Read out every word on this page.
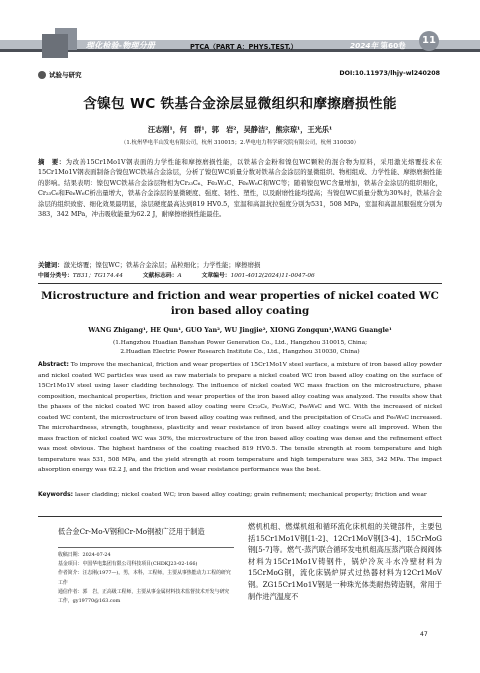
理化检验-物理分册	PTCA（PART A：PHYS.TEST.）	2024年 第60卷	11
试验与研究	DOI:10.11973/lhjy-wl240208
含镍包 WC 铁基合金涂层显微组织和摩擦磨损性能
汪志刚¹，何　群¹，郭　岩²，吴静洁²，熊宗琼¹，王光乐¹
（1.杭州华电半山发电有限公司，杭州 310015；2.华电电力科学研究院有限公司，杭州 310030）
摘　要：为改善15Cr1Mo1V钢表面的力学性能和摩擦磨损性能，以铁基合金粉和镍包WC颗粒的混合物为原料，采用激光熔覆技术在15Cr1Mo1V钢表面制备合镍包WC铁基合金涂层，分析了镍包WC质量分数对铁基合金涂层的显微组织、物相组成、力学性能、摩擦磨损性能的影响。结果表明：镍包WC铁基合金涂层物相为Cr₂₃C₆、Fe₃W₃C、Fe₆W₆C和WC等；随着镍包WC含量增加，铁基合金涂层的组织细化，Cr₂₃C₆和Fe₆W₆C析出量增大，铁基合金涂层的显微硬度、强度、韧性、塑性，以及耐磨性能均提高；当镍包WC质量分数为30%时，铁基合金涂层的组织致密、细化效果最明显，涂层硬度最高达到819 HV0.5，室温和高温抗拉强度分别为531，508 MPa，室温和高温屈服强度分别为383，342 MPa，冲击吸收能量为62.2 J，耐摩擦磨损性能最佳。
关键词：激光熔覆；镍包WC；铁基合金涂层；晶粒细化；力学性能；摩擦磨损
中图分类号：TB31；TG174.44	文献标志码：A	文章编号：1001-4012(2024)11-0047-06
Microstructure and friction and wear properties of nickel coated WC iron based alloy coating
WANG Zhigang¹, HE Qun¹, GUO Yan², WU Jingjie², XIONG Zongqun¹,WANG Guangle¹
(1.Hangzhou Huadian Banshan Power Generation Co., Ltd., Hangzhou 310015, China;
2.Huadian Electric Power Research Institute Co., Ltd., Hangzhou 310030, China)
Abstract: To improve the mechanical, friction and wear properties of 15Cr1Mo1V steel surface, a mixture of iron based alloy powder and nickel coated WC particles was used as raw materials to prepare a nickel coated WC iron based alloy coating on the surface of 15Cr1Mo1V steel using laser cladding technology. The influence of nickel coated WC mass fraction on the microstructure, phase composition, mechanical properties, friction and wear properties of the iron based alloy coating was analyzed. The results show that the phases of the nickel coated WC iron based alloy coating were Cr₂₃C₆, Fe₃W₃C, Fe₆W₆C and WC. With the increased of nickel coated WC content, the microstructure of iron based alloy coating was refined, and the precipitation of Cr₂₃C₆ and Fe₆W₆C increased. The microhardness, strength, toughness, plasticity and wear resistance of iron based alloy coatings were all improved. When the mass fraction of nickel coated WC was 30%, the microstructure of the iron based alloy coating was dense and the refinement effect was most obvious. The highest hardness of the coating reached 819 HV0.5. The tensile strength at room temperature and high temperature was 531, 508 MPa, and the yield strength at room temperature and high temperature was 383, 342 MPa. The impact absorption energy was 62.2 J, and the friction and wear resistance performance was the best.
Keywords: laser cladding; nickel coated WC; iron based alloy coating; grain refinement; mechanical property; friction and wear
低合金Cr-Mo-V钢和Cr-Mo钢被广泛用于制造
收稿日期：2024-07-24
基金项目：中国华电集团有限公司科技项目(CHDKJ23-02-166)
作者简介：汪志刚(1977—)，男，本科，工程师，主要从事热能动力工程的研究工作
通信作者：郭　岩，正高级工程师，主要从事金属材料技术监督技术开发与研究工作，gy19770@163.com
燃机机组、燃煤机组和循环流化床机组的关键部件，主要包括15Cr1Mo1V钢[1-2]、12Cr1MoV钢[3-4]、15CrMoG钢[5-7]等。燃气-蒸汽联合循环发电机组高压蒸汽联合阀阀体材料为15Cr1Mo1V铸钢件，锅炉冷灰斗水冷壁材料为15CrMoG钢，流化床锅炉屏式过热器材料为12Cr1MoV钢。ZG15Cr1Mo1V钢是一种珠光体类耐热铸造钢，常用于制作进汽温度不
47
